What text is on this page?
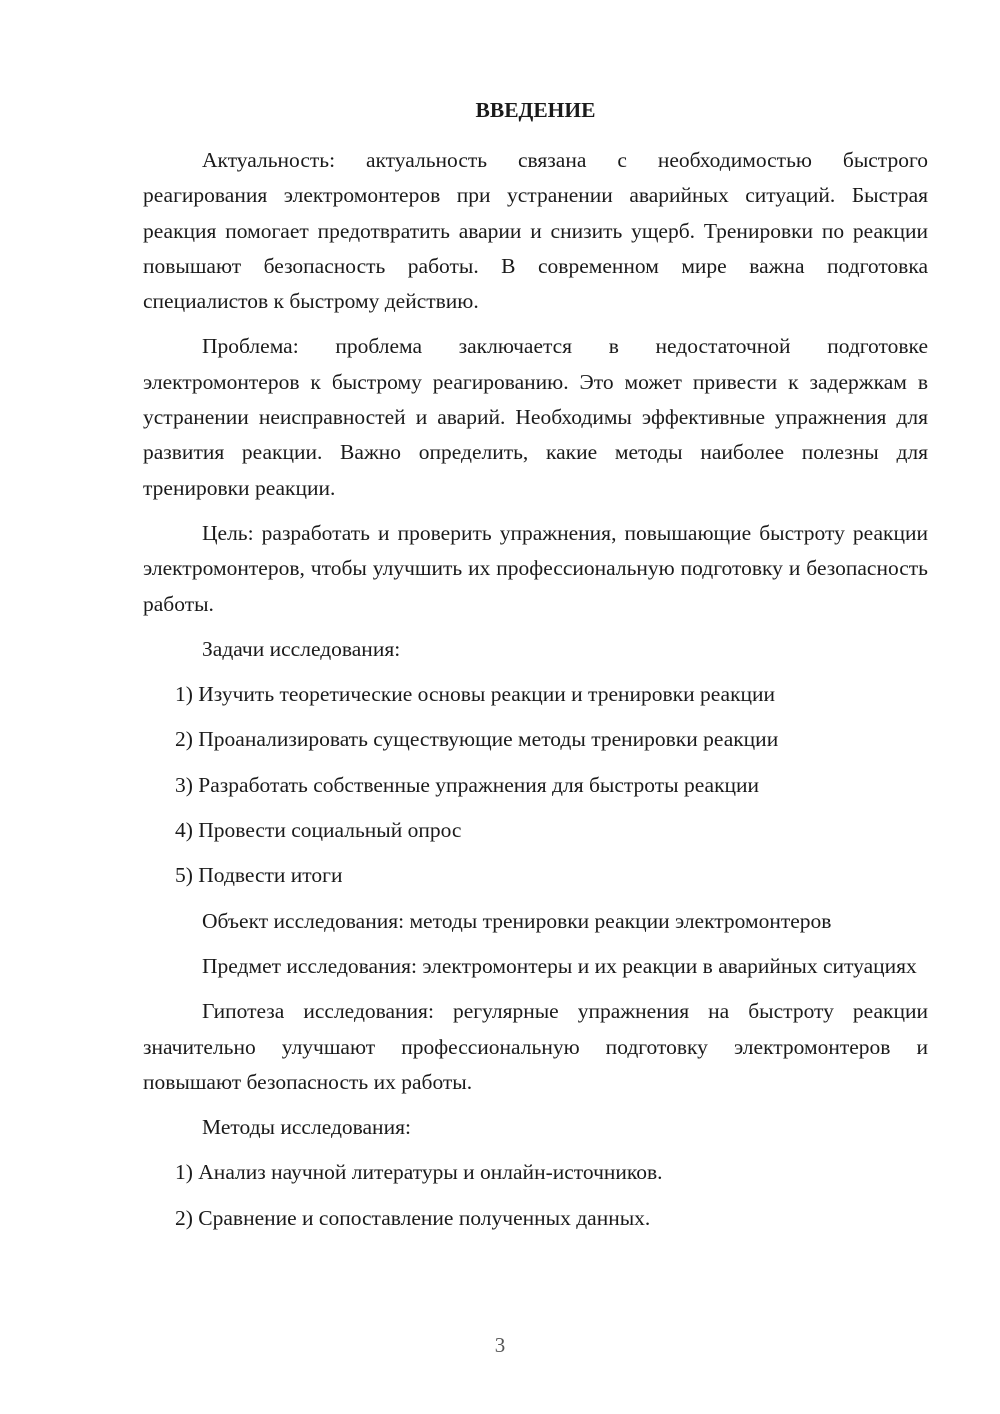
ВВЕДЕНИЕ

Актуальность: актуальность связана с необходимостью быстрого реагирования электромонтеров при устранении аварийных ситуаций. Быстрая реакция помогает предотвратить аварии и снизить ущерб. Тренировки по реакции повышают безопасность работы. В современном мире важна подготовка специалистов к быстрому действию.

Проблема: проблема заключается в недостаточной подготовке электромонтеров к быстрому реагированию. Это может привести к задержкам в устранении неисправностей и аварий. Необходимы эффективные упражнения для развития реакции. Важно определить, какие методы наиболее полезны для тренировки реакции.

Цель: разработать и проверить упражнения, повышающие быстроту реакции электромонтеров, чтобы улучшить их профессиональную подготовку и безопасность работы.

Задачи исследования:

1) Изучить теоретические основы реакции и тренировки реакции

2) Проанализировать существующие методы тренировки реакции

3) Разработать собственные упражнения для быстроты реакции

4) Провести социальный опрос

5) Подвести итоги

Объект исследования: методы тренировки реакции электромонтеров

Предмет исследования: электромонтеры и их реакции в аварийных ситуациях

Гипотеза исследования: регулярные упражнения на быстроту реакции значительно улучшают профессиональную подготовку электромонтеров и повышают безопасность их работы.

Методы исследования:

1) Анализ научной литературы и онлайн-источников.

2) Сравнение и сопоставление полученных данных.

3
